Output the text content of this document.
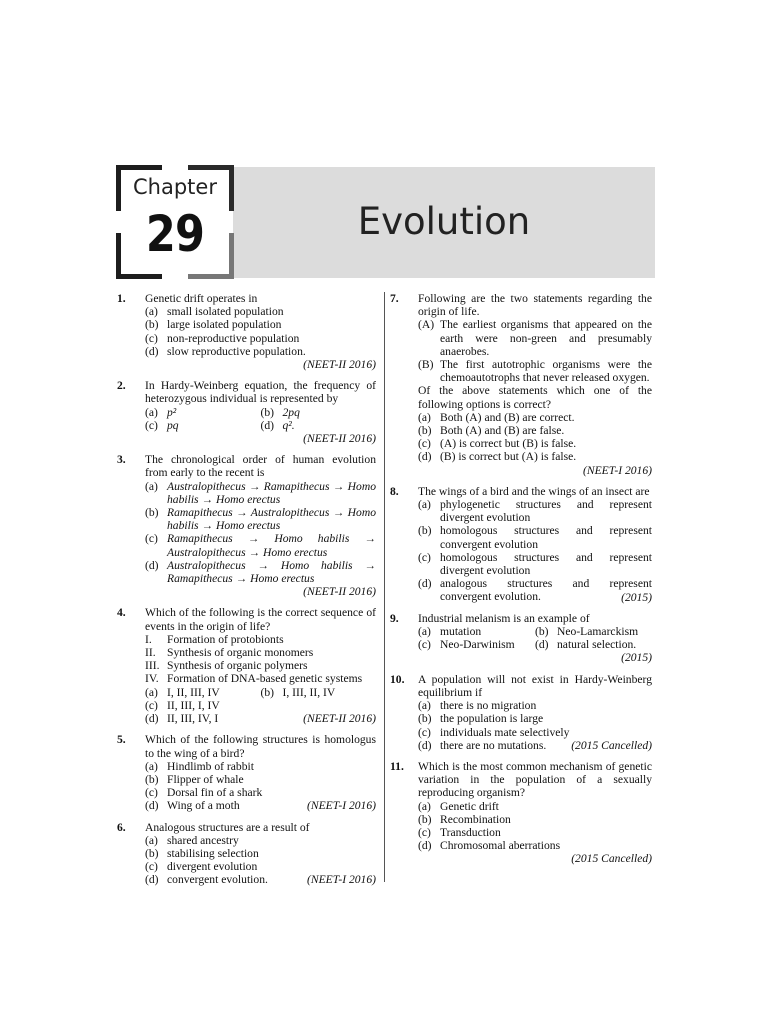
Evolution
Chapter
29
1. Genetic drift operates in
(a) small isolated population
(b) large isolated population
(c) non-reproductive population
(d) slow reproductive population.
(NEET-II 2016)
2. In Hardy-Weinberg equation, the frequency of heterozygous individual is represented by
(a) p²	(b) 2pq
(c) pq	(d) q².
(NEET-II 2016)
3. The chronological order of human evolution from early to the recent is
(a) Australopithecus → Ramapithecus → Homo habilis → Homo erectus
(b) Ramapithecus → Australopithecus → Homo habilis → Homo erectus
(c) Ramapithecus → Homo habilis → Australopithecus → Homo erectus
(d) Australopithecus → Homo habilis → Ramapithecus → Homo erectus
(NEET-II 2016)
4. Which of the following is the correct sequence of events in the origin of life?
I. Formation of protobionts
II. Synthesis of organic monomers
III. Synthesis of organic polymers
IV. Formation of DNA-based genetic systems
(a) I, II, III, IV	(b) I, III, II, IV
(c) II, III, I, IV
(d) II, III, IV, I	(NEET-II 2016)
5. Which of the following structures is homologus to the wing of a bird?
(a) Hindlimb of rabbit
(b) Flipper of whale
(c) Dorsal fin of a shark
(d) Wing of a moth	(NEET-I 2016)
6. Analogous structures are a result of
(a) shared ancestry
(b) stabilising selection
(c) divergent evolution
(d) convergent evolution.	(NEET-I 2016)
7. Following are the two statements regarding the origin of life.
(A) The earliest organisms that appeared on the earth were non-green and presumably anaerobes.
(B) The first autotrophic organisms were the chemoautotrophs that never released oxygen.
Of the above statements which one of the following options is correct?
(a) Both (A) and (B) are correct.
(b) Both (A) and (B) are false.
(c) (A) is correct but (B) is false.
(d) (B) is correct but (A) is false.
(NEET-I 2016)
8. The wings of a bird and the wings of an insect are
(a) phylogenetic structures and represent divergent evolution
(b) homologous structures and represent convergent evolution
(c) homologous structures and represent divergent evolution
(d) analogous structures and represent convergent evolution.	(2015)
9. Industrial melanism is an example of
(a) mutation	(b) Neo-Lamarckism
(c) Neo-Darwinism	(d) natural selection.
(2015)
10. A population will not exist in Hardy-Weinberg equilibrium if
(a) there is no migration
(b) the population is large
(c) individuals mate selectively
(d) there are no mutations. (2015 Cancelled)
11. Which is the most common mechanism of genetic variation in the population of a sexually reproducing organism?
(a) Genetic drift
(b) Recombination
(c) Transduction
(d) Chromosomal aberrations
(2015 Cancelled)
